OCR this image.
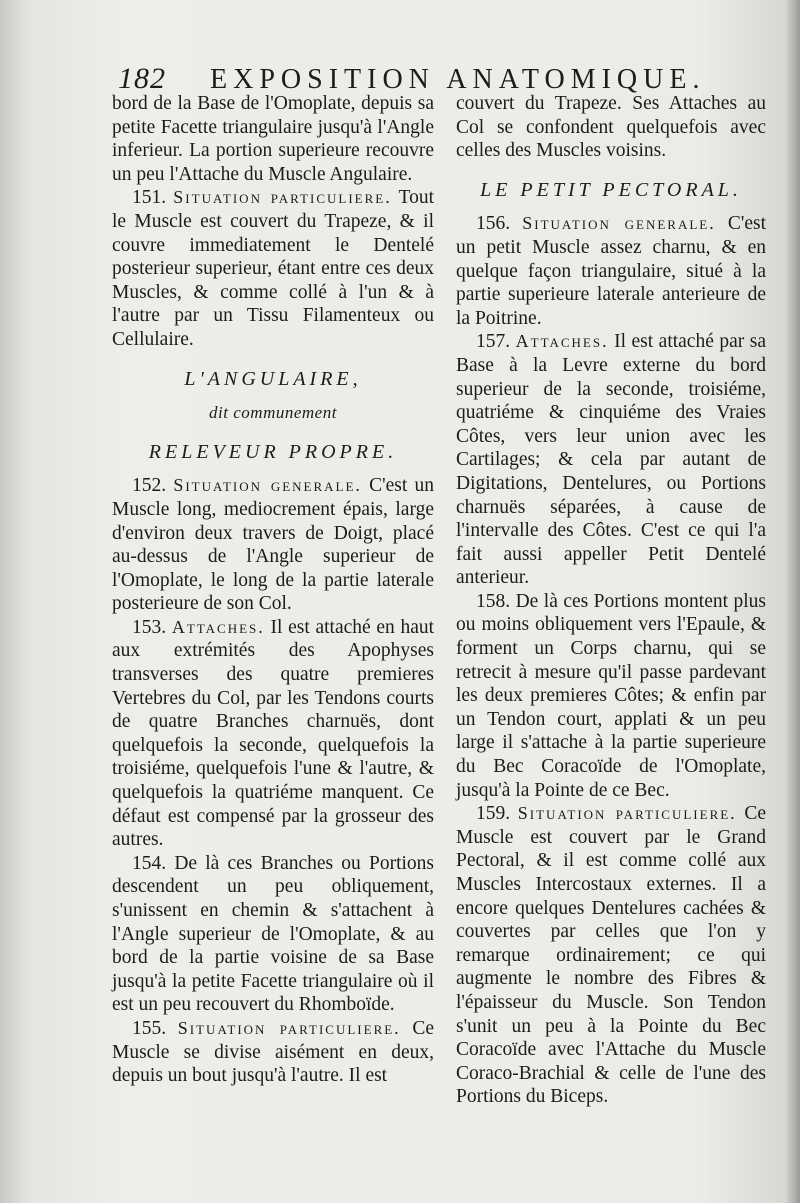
182 EXPOSITION ANATOMIQUE.

bord de la Base de l'Omoplate, depuis sa petite Facette triangulaire jusqu'à l'Angle inferieur. La portion superieure recouvre un peu l'Attache du Muscle Angulaire.

151. Situation particuliere. Tout le Muscle est couvert du Trapeze, & il couvre immediatement le Dentelé posterieur superieur, étant entre ces deux Muscles, & comme collé à l'un & à l'autre par un Tissu Filamenteux ou Cellulaire.

L'ANGULAIRE,
dit communement
RELEVEUR PROPRE.

152. Situation generale. C'est un Muscle long, mediocrement épais, large d'environ deux travers de Doigt, placé au-dessus de l'Angle superieur de l'Omoplate, le long de la partie laterale posterieure de son Col.

153. Attaches. Il est attaché en haut aux extrémités des Apophyses transverses des quatre premieres Vertebres du Col, par les Tendons courts de quatre Branches charnuës, dont quelquefois la seconde, quelquefois la troisiéme, quelquefois l'une & l'autre, & quelquefois la quatriéme manquent. Ce défaut est compensé par la grosseur des autres.

154. De là ces Branches ou Portions descendent un peu obliquement, s'unissent en chemin & s'attachent à l'Angle superieur de l'Omoplate, & au bord de la partie voisine de sa Base jusqu'à la petite Facette triangulaire où il est un peu recouvert du Rhomboïde.

155. Situation particuliere. Ce Muscle se divise aisément en deux, depuis un bout jusqu'à l'autre. Il est

couvert du Trapeze. Ses Attaches au Col se confondent quelquefois avec celles des Muscles voisins.

LE PETIT PECTORAL.

156. Situation generale. C'est un petit Muscle assez charnu, & en quelque façon triangulaire, situé à la partie superieure laterale anterieure de la Poitrine.

157. Attaches. Il est attaché par sa Base à la Levre externe du bord superieur de la seconde, troisiéme, quatriéme & cinquiéme des Vraies Côtes, vers leur union avec les Cartilages; & cela par autant de Digitations, Dentelures, ou Portions charnuës séparées, à cause de l'intervalle des Côtes. C'est ce qui l'a fait aussi appeller Petit Dentelé anterieur.

158. De là ces Portions montent plus ou moins obliquement vers l'Epaule, & forment un Corps charnu, qui se retrecit à mesure qu'il passe pardevant les deux premieres Côtes; & enfin par un Tendon court, applati & un peu large il s'attache à la partie superieure du Bec Coracoïde de l'Omoplate, jusqu'à la Pointe de ce Bec.

159. Situation particuliere. Ce Muscle est couvert par le Grand Pectoral, & il est comme collé aux Muscles Intercostaux externes. Il a encore quelques Dentelures cachées & couvertes par celles que l'on y remarque ordinairement; ce qui augmente le nombre des Fibres & l'épaisseur du Muscle. Son Tendon s'unit un peu à la Pointe du Bec Coracoïde avec l'Attache du Muscle Coraco-Brachial & celle de l'une des Portions du Biceps.
